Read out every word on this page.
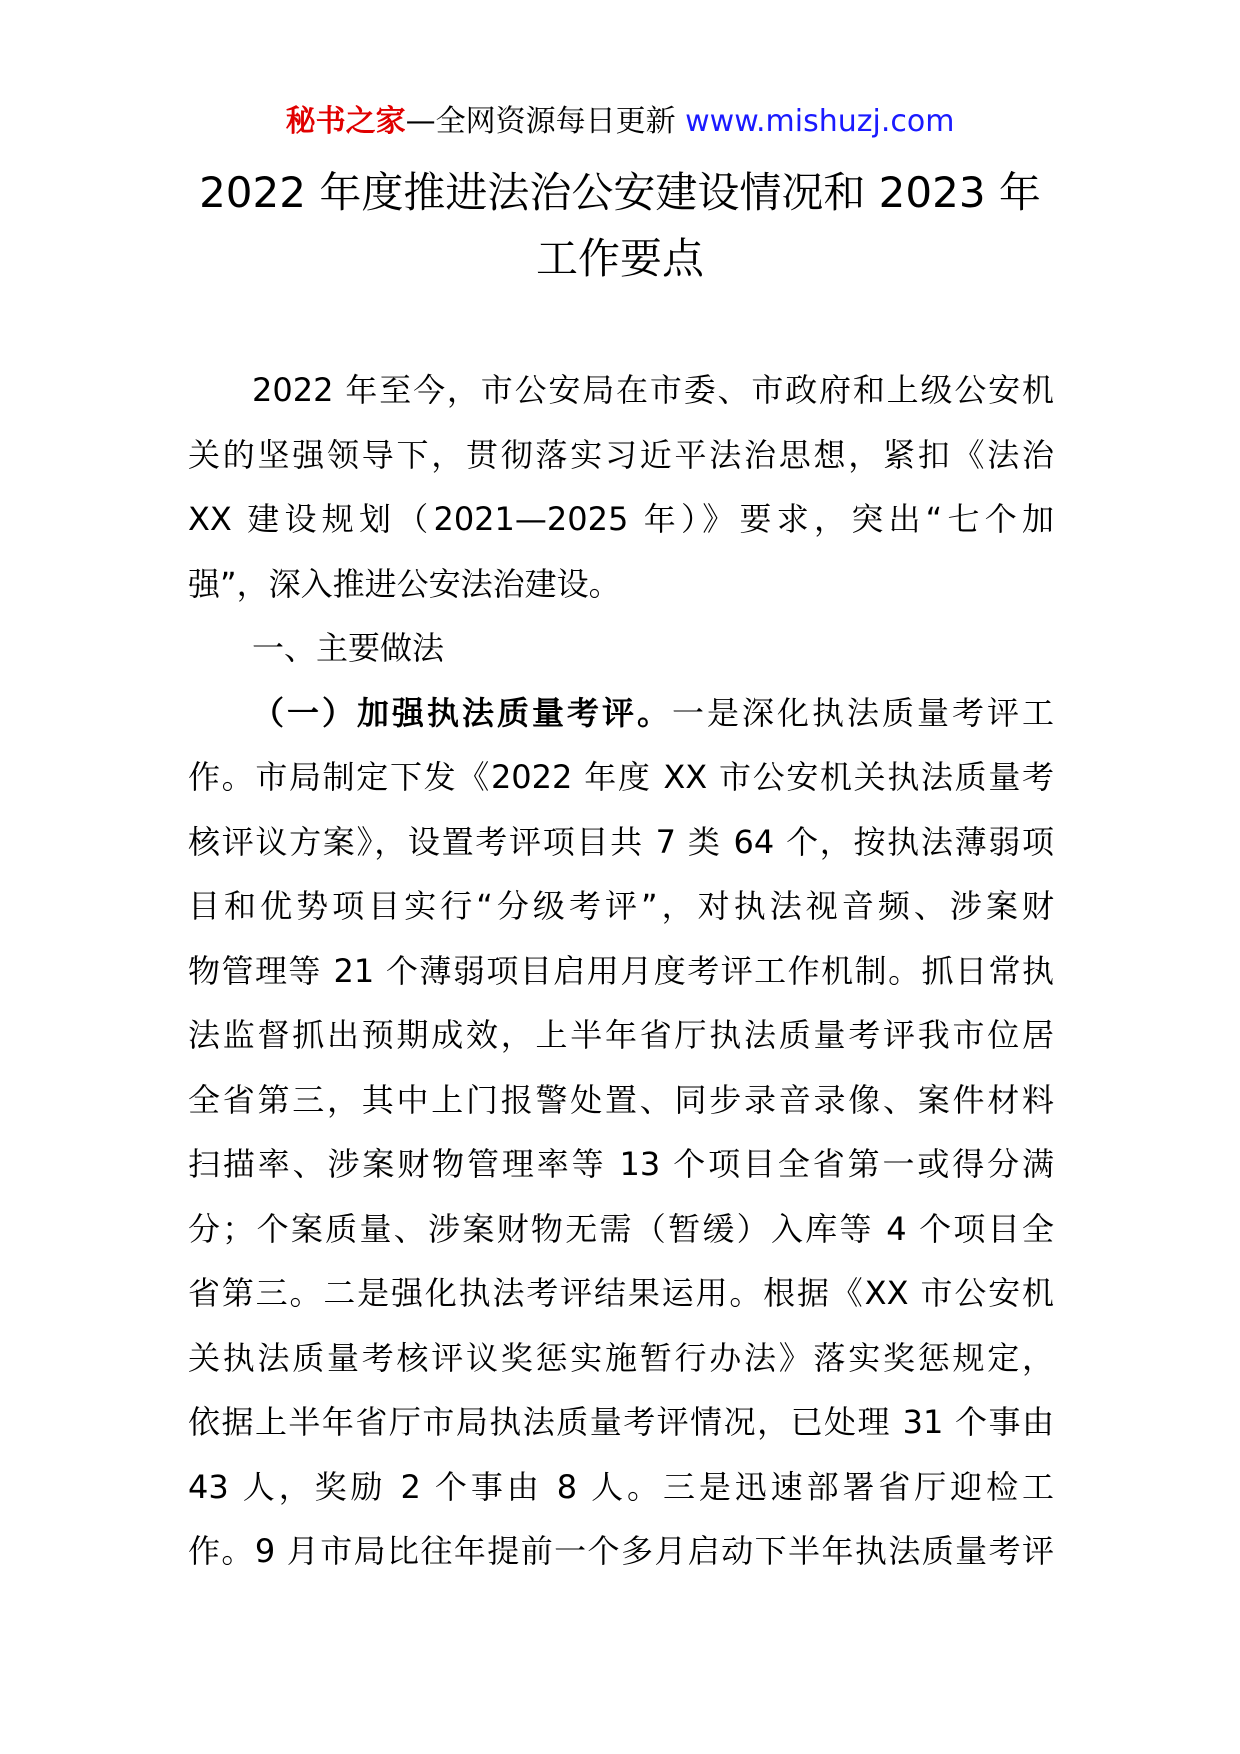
秘书之家—全网资源每日更新 www.mishuzj.com
2022 年度推进法治公安建设情况和 2023 年
工作要点
2022 年至今，市公安局在市委、市政府和上级公安机
关的坚强领导下，贯彻落实习近平法治思想，紧扣《法治
XX 建设规划（2021—2025 年）》要求，突出“七个加
强”，深入推进公安法治建设。
一、主要做法
（一）加强执法质量考评。一是深化执法质量考评工
作。市局制定下发《2022 年度 XX 市公安机关执法质量考
核评议方案》，设置考评项目共 7 类 64 个，按执法薄弱项
目和优势项目实行“分级考评”，对执法视音频、涉案财
物管理等 21 个薄弱项目启用月度考评工作机制。抓日常执
法监督抓出预期成效，上半年省厅执法质量考评我市位居
全省第三，其中上门报警处置、同步录音录像、案件材料
扫描率、涉案财物管理率等 13 个项目全省第一或得分满
分；个案质量、涉案财物无需（暂缓）入库等 4 个项目全
省第三。二是强化执法考评结果运用。根据《XX 市公安机
关执法质量考核评议奖惩实施暂行办法》落实奖惩规定，
依据上半年省厅市局执法质量考评情况，已处理 31 个事由
43 人，奖励 2 个事由 8 人。三是迅速部署省厅迎检工
作。9 月市局比往年提前一个多月启动下半年执法质量考评
